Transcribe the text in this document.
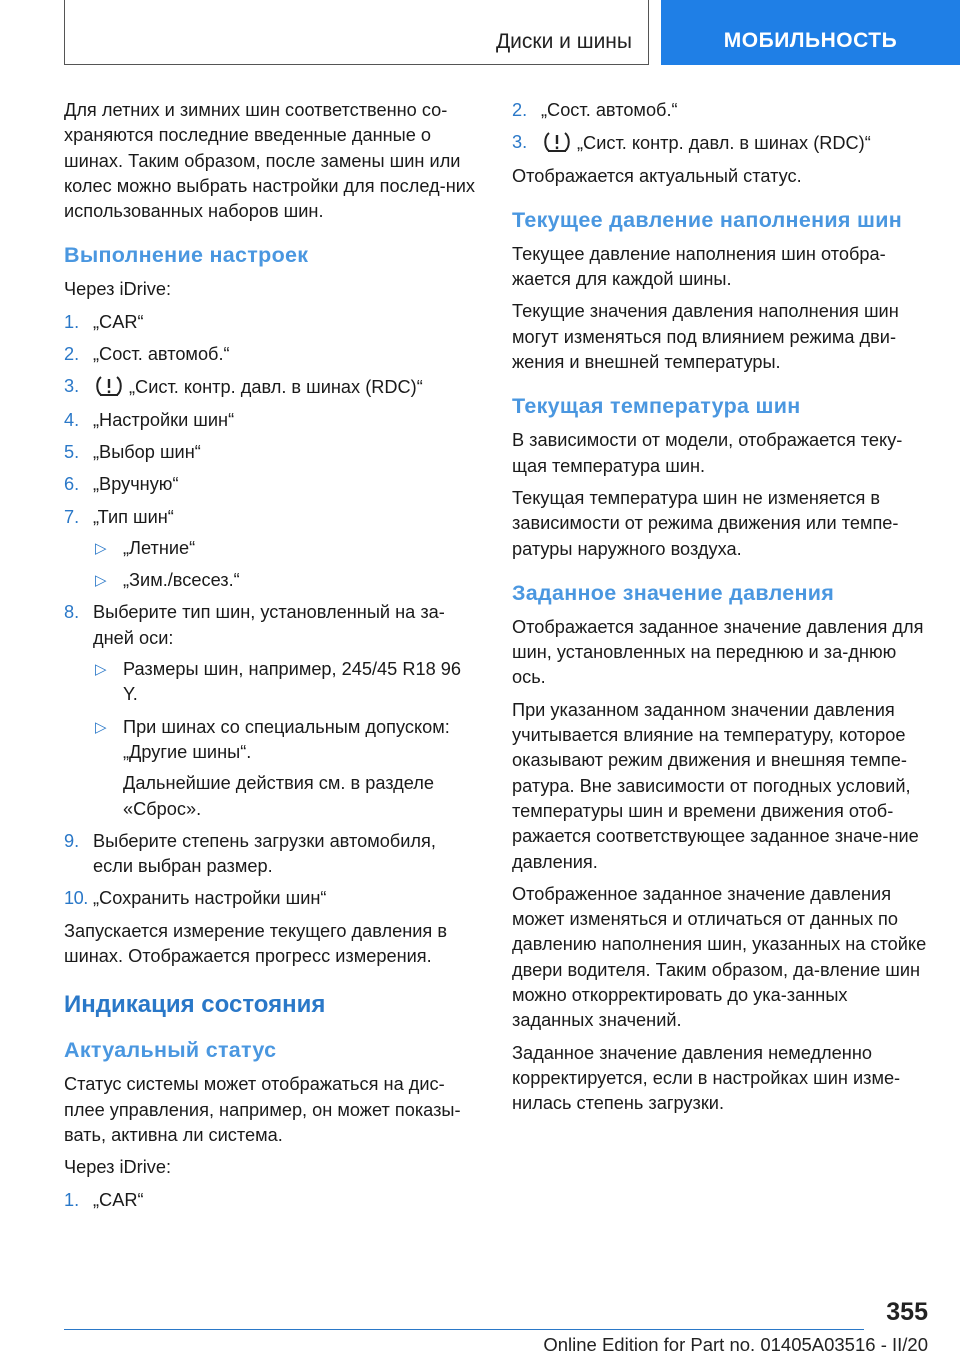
Диски и шины	МОБИЛЬНОСТЬ

Для летних и зимних шин соответственно со-храняются последние введенные данные о шинах. Таким образом, после замены шин или колес можно выбрать настройки для послед-них использованных наборов шин.

Выполнение настроек

Через iDrive:

1. „CAR“
2. „Сост. автомоб.“
3.	„Сист. контр. давл. в шинах (RDC)“
4. „Настройки шин“
5. „Выбор шин“
6. „Вручную“
7. „Тип шин“
▷ „Летние“
▷ „Зим./всесез.“
8. Выберите тип шин, установленный на за-дней оси:
▷ Размеры шин, например, 245/45 R18 96 Y.
▷ При шинах со специальным допуском: „Другие шины“.
Дальнейшие действия см. в разделе «Сброс».
9. Выберите степень загрузки автомобиля, если выбран размер.
10. „Сохранить настройки шин“

Запускается измерение текущего давления в шинах. Отображается прогресс измерения.

Индикация состояния
Актуальный статус

Статус системы может отображаться на дис-плее управления, например, он может показы-вать, активна ли система.

Через iDrive:

1. „CAR“
2. „Сост. автомоб.“
3.	„Сист. контр. давл. в шинах (RDC)“

Отображается актуальный статус.

Текущее давление наполнения шин

Текущее давление наполнения шин отобра-жается для каждой шины.

Текущие значения давления наполнения шин могут изменяться под влиянием режима дви-жения и внешней температуры.

Текущая температура шин

В зависимости от модели, отображается теку-щая температура шин.

Текущая температура шин не изменяется в зависимости от режима движения или темпе-ратуры наружного воздуха.

Заданное значение давления

Отображается заданное значение давления для шин, установленных на переднюю и за-днюю ось.

При указанном заданном значении давления учитывается влияние на температуру, которое оказывают режим движения и внешняя темпе-ратура. Вне зависимости от погодных условий, температуры шин и времени движения отоб-ражается соответствующее заданное значе-ние давления.

Отображенное заданное значение давления может изменяться и отличаться от данных по давлению наполнения шин, указанных на стойке двери водителя. Таким образом, да-вление шин можно откорректировать до ука-занных заданных значений.

Заданное значение давления немедленно корректируется, если в настройках шин изме-нилась степень загрузки.

355
Online Edition for Part no. 01405A03516 - II/20
